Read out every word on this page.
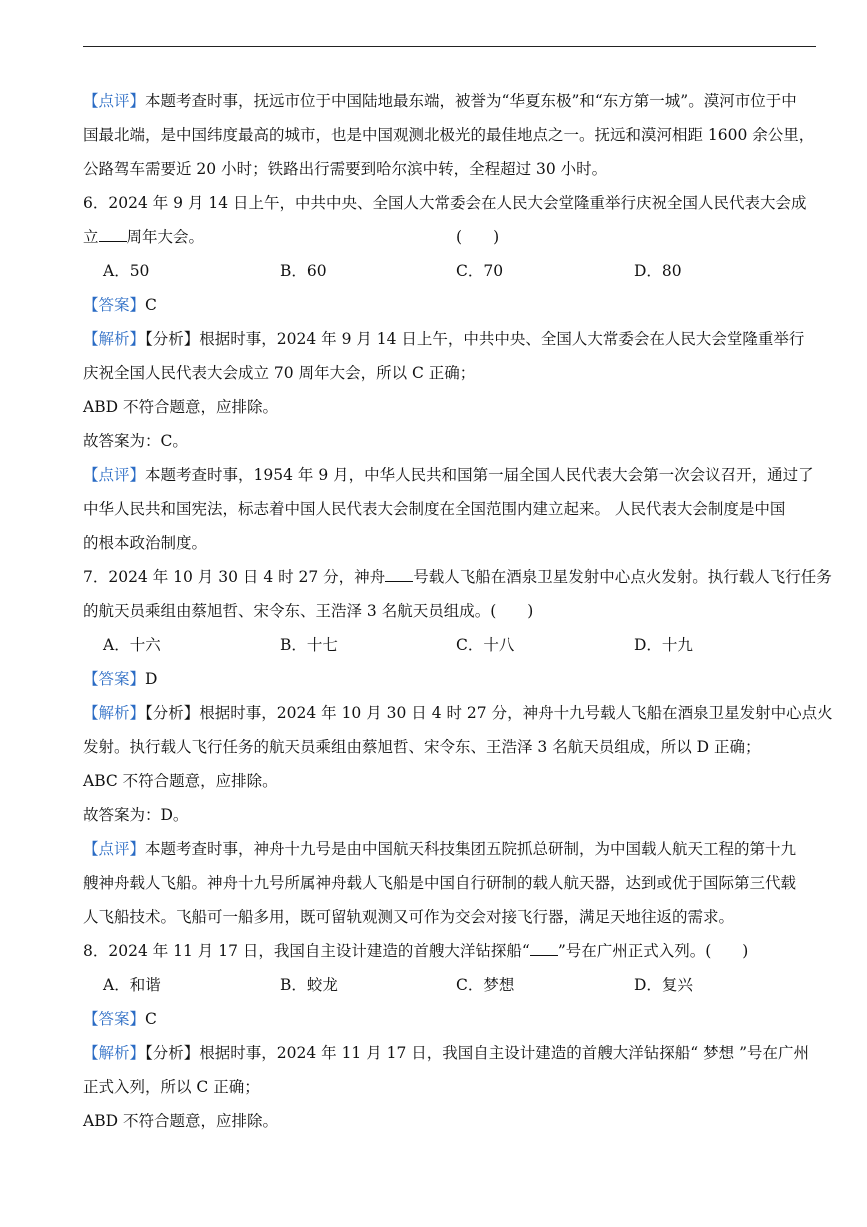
【点评】本题考查时事，抚远市位于中国陆地最东端，被誉为“华夏东极”和“东方第一城”。漠河市位于中
国最北端，是中国纬度最高的城市，也是中国观测北极光的最佳地点之一。抚远和漠河相距 1600 余公里，
公路驾车需要近 20 小时；铁路出行需要到哈尔滨中转，全程超过 30 小时。
6．2024 年 9 月 14 日上午，中共中央、全国人大常委会在人民大会堂隆重举行庆祝全国人民代表大会成
立 周年大会。	(　　)
A．50	B．60	C．70	D．80
【答案】C
【解析】【分析】根据时事，2024 年 9 月 14 日上午，中共中央、全国人大常委会在人民大会堂隆重举行
庆祝全国人民代表大会成立 70 周年大会，所以 C 正确；
ABD 不符合题意，应排除。
故答案为：C。
【点评】本题考查时事，1954 年 9 月，中华人民共和国第一届全国人民代表大会第一次会议召开，通过了
中华人民共和国宪法，标志着中国人民代表大会制度在全国范围内建立起来。 人民代表大会制度是中国
的根本政治制度。
7．2024 年 10 月 30 日 4 时 27 分，神舟 号载人飞船在酒泉卫星发射中心点火发射。执行载人飞行任务
的航天员乘组由蔡旭哲、宋令东、王浩泽 3 名航天员组成。(　　)
A．十六	B．十七	C．十八	D．十九
【答案】D
【解析】【分析】根据时事，2024 年 10 月 30 日 4 时 27 分，神舟十九号载人飞船在酒泉卫星发射中心点火
发射。执行载人飞行任务的航天员乘组由蔡旭哲、宋令东、王浩泽 3 名航天员组成，所以 D 正确；
ABC 不符合题意，应排除。
故答案为：D。
【点评】本题考查时事，神舟十九号是由中国航天科技集团五院抓总研制，为中国载人航天工程的第十九
艘神舟载人飞船。神舟十九号所属神舟载人飞船是中国自行研制的载人航天器，达到或优于国际第三代载
人飞船技术。飞船可一船多用，既可留轨观测又可作为交会对接飞行器，满足天地往返的需求。
8．2024 年 11 月 17 日，我国自主设计建造的首艘大洋钻探船“ ”号在广州正式入列。(　　)
A．和谐	B．蛟龙	C．梦想	D．复兴
【答案】C
【解析】【分析】根据时事，2024 年 11 月 17 日，我国自主设计建造的首艘大洋钻探船“ 梦想 ”号在广州
正式入列，所以 C 正确；
ABD 不符合题意，应排除。
